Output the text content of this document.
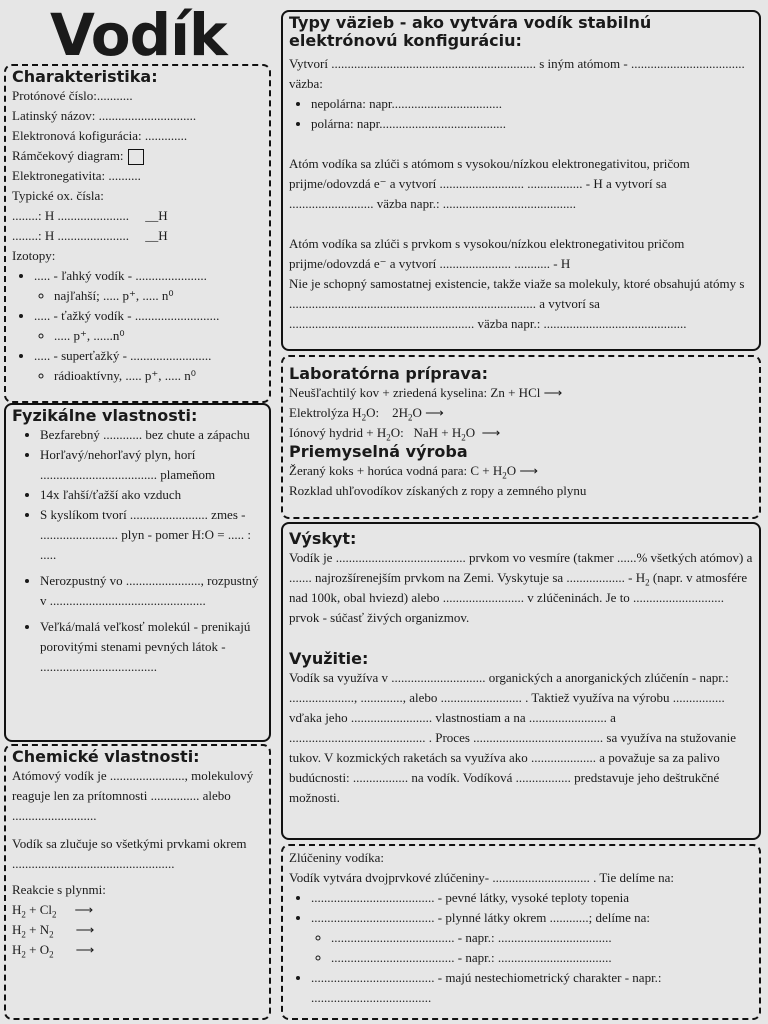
Vodík

Charakteristika:

Protónové číslo:...........

Latinský názov: ..............................

Elektronová kofigurácia: .............

Rámčekový diagram:

Elektronegativita: ..........

Typické ox. čísla:

........: H ......................     __H

........: H ......................     __H

Izotopy:

• ..... - ľahký vodík - ......................
◦ najľahší; ..... p⁺, ..... n⁰
• ..... - ťažký vodík - ..........................
◦ ..... p⁺, ......n⁰
• ..... - superťažký - .........................
◦ rádioaktívny, ..... p⁺, ..... n⁰

Fyzikálne vlastnosti:

• Bezfarebný ............ bez chute a zápachu
• Horľavý/nehorľavý plyn, horí .................................... plameňom
• 14x ľahší/ťažší ako vzduch
• S kyslíkom tvorí ........................ zmes - ........................ plyn - pomer H:O = ..... : .....
• Nerozpustný vo ......................., rozpustný v ................................................
• Veľká/malá veľkosť molekúl - prenikajú porovitými stenami pevných látok - ....................................

Chemické vlastnosti:

Atómový vodík je ......................., molekulový reaguje len za prítomnosti ............... alebo ..........................

Vodík sa zlučuje so všetkými prvkami okrem ..................................................

Reakcie s plynmi:

$H_2 + Cl_2$ ⟶

$H_2 + N_2$ ⟶

$H_2 + O_2$ ⟶

Typy väzieb - ako vytvára vodík stabilnú elektrónovú konfiguráciu:

Vytvorí ............................................................... s iným atómom - ...................................

väzba:

• nepolárna: napr..................................
• polárna: napr.......................................

Atóm vodíka sa zlúči s atómom s vysokou/nízkou elektronegativitou, pričom prijme/odovzdá e⁻ a vytvorí .......................... ................. - H a vytvorí sa .......................... väzba napr.: .........................................

Atóm vodíka sa zlúči s prvkom s vysokou/nízkou elektronegativitou pričom prijme/odovzdá e⁻ a vytvorí ...................... ........... - H

Nie je schopný samostatnej existencie, takže viaže sa molekuly, ktoré obsahujú atómy s ............................................................................ a vytvorí sa ......................................................... väzba napr.: ............................................

Laboratórna príprava:

Neušľachtilý kov + zriedená kyselina: Zn + HCl ⟶

Elektrolýza $H_2O$:    $2H_2O$ ⟶

Iónový hydrid + $H_2O$:   NaH + $H_2O$  ⟶

Priemyselná výroba

Žeraný koks + horúca vodná para: $C + H_2O$ ⟶

Rozklad uhľovodíkov získaných z ropy a zemného plynu

Výskyt:

Vodík je ........................................ prvkom vo vesmíre (takmer ......% všetkých atómov) a ....... najrozšírenejším prvkom na Zemi. Vyskytuje sa .................. - $H_2$ (napr. v atmosfére nad 100k, obal hviezd) alebo ......................... v zlúčeninách. Je to ............................ prvok - súčasť živých organizmov.

Využitie:

Vodík sa využíva v ............................. organických a anorganických zlúčenín - napr.: ...................., ............., alebo ......................... . Taktiež využíva na výrobu ................ vďaka jeho ......................... vlastnostiam a na ........................ a .......................................... . Proces ........................................ sa využíva na stužovanie tukov. V kozmických raketách sa využíva ako .................... a považuje sa za palivo budúcnosti: ................. na vodík. Vodíková ................. predstavuje jeho deštrukčné možnosti.

Zlúčeniny vodíka:

Vodík vytvára dvojprvkové zlúčeniny- .............................. . Tie delíme na:

• ...................................... - pevné látky, vysoké teploty topenia
• ...................................... - plynné látky okrem ............; delíme na:
◦ ...................................... - napr.: ...................................
◦ ...................................... - napr.: ...................................
• ...................................... - majú nestechiometrický charakter - napr.: .....................................
